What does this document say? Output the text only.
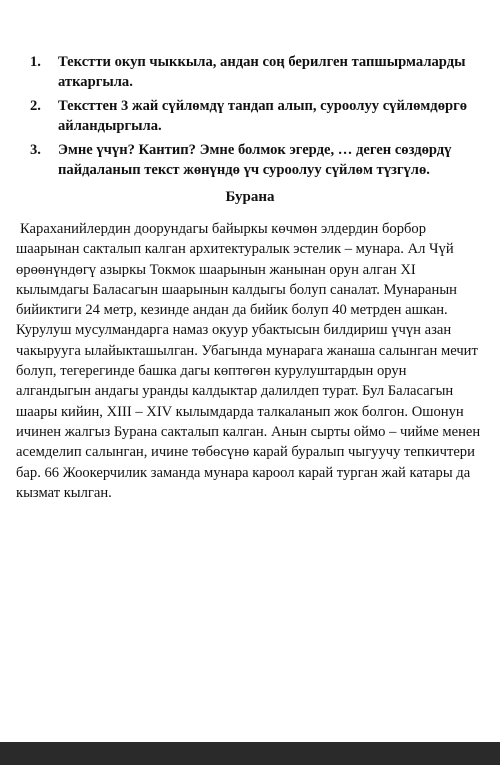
1.	Текстти окуп чыккыла, андан соң берилген тапшырмаларды аткаргыла.
2.	Тексттен 3 жай сүйлөмдү тандап алып, суроолуу сүйлөмдөргө айландыргыла.
3.	Эмне үчүн? Кантип? Эмне болмок эгерде, … деген сөздөрдү пайдаланып текст жөнүндө үч суроолуу сүйлөм түзгүлө.
Бурана

Караханийлердин доорундагы байыркы көчмөн элдердин борбор шаарынан сакталып калган архитектуралык эстелик – мунара. Ал Чүй өрөөнүндөгү азыркы Токмок шаарынын жанынан орун алган XI кылымдагы Баласагын шаарынын калдыгы болуп саналат. Мунаранын бийиктиги 24 метр, кезинде андан да бийик болуп 40 метрден ашкан. Курулуш мусулмандарга намаз окуур убактысын билдириш үчүн азан чакырууга ылайыкташылган. Убагында мунарага жанаша салынган мечит болуп, тегерегинде башка дагы көптөгөн курулуштардын орун алгандыгын андагы уранды калдыктар далилдеп турат. Бул Баласагын шаары кийин, XIII – XIV кылымдарда талкаланып жок болгон. Ошонун ичинен жалгыз Бурана сакталып калган. Анын сырты оймо – чийме менен асемделип салынган, ичине төбөсүнө карай буралып чыгуучу тепкичтери бар. 66 Жоокерчилик заманда мунара кароол карай турган жай катары да кызмат кылган.
